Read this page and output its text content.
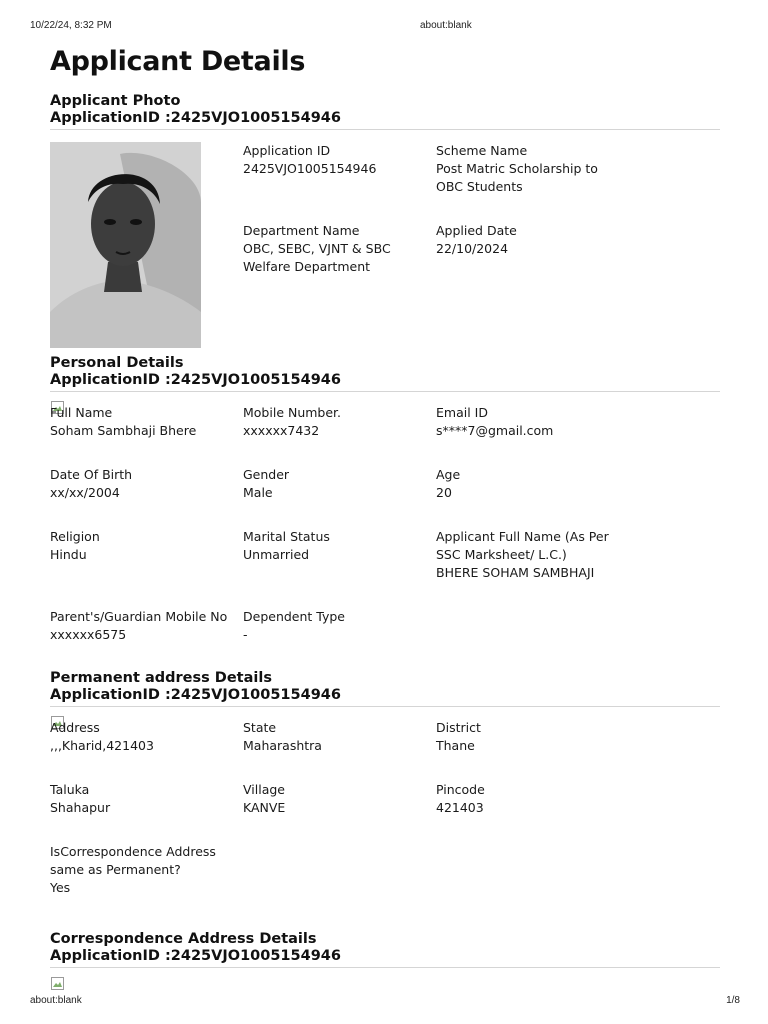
10/22/24, 8:32 PM	about:blank
Applicant Details
Applicant Photo
ApplicationID :2425VJO1005154946
Application ID
2425VJO1005154946
Scheme Name
Post Matric Scholarship to OBC Students
Department Name
OBC, SEBC, VJNT & SBC Welfare Department
Applied Date
22/10/2024
Personal Details
ApplicationID :2425VJO1005154946
Full Name
Soham Sambhaji Bhere
Mobile Number.
xxxxxx7432
Email ID
s****7@gmail.com
Date Of Birth
xx/xx/2004
Gender
Male
Age
20
Religion
Hindu
Marital Status
Unmarried
Applicant Full Name (As Per SSC Marksheet/ L.C.)
BHERE SOHAM SAMBHAJI
Parent's/Guardian Mobile No
xxxxxx6575
Dependent Type
-
Permanent address Details
ApplicationID :2425VJO1005154946
Address
,,,Kharid,421403
State
Maharashtra
District
Thane
Taluka
Shahapur
Village
KANVE
Pincode
421403
IsCorrespondence Address same as Permanent?
Yes
Correspondence Address Details
ApplicationID :2425VJO1005154946
about:blank	1/8
